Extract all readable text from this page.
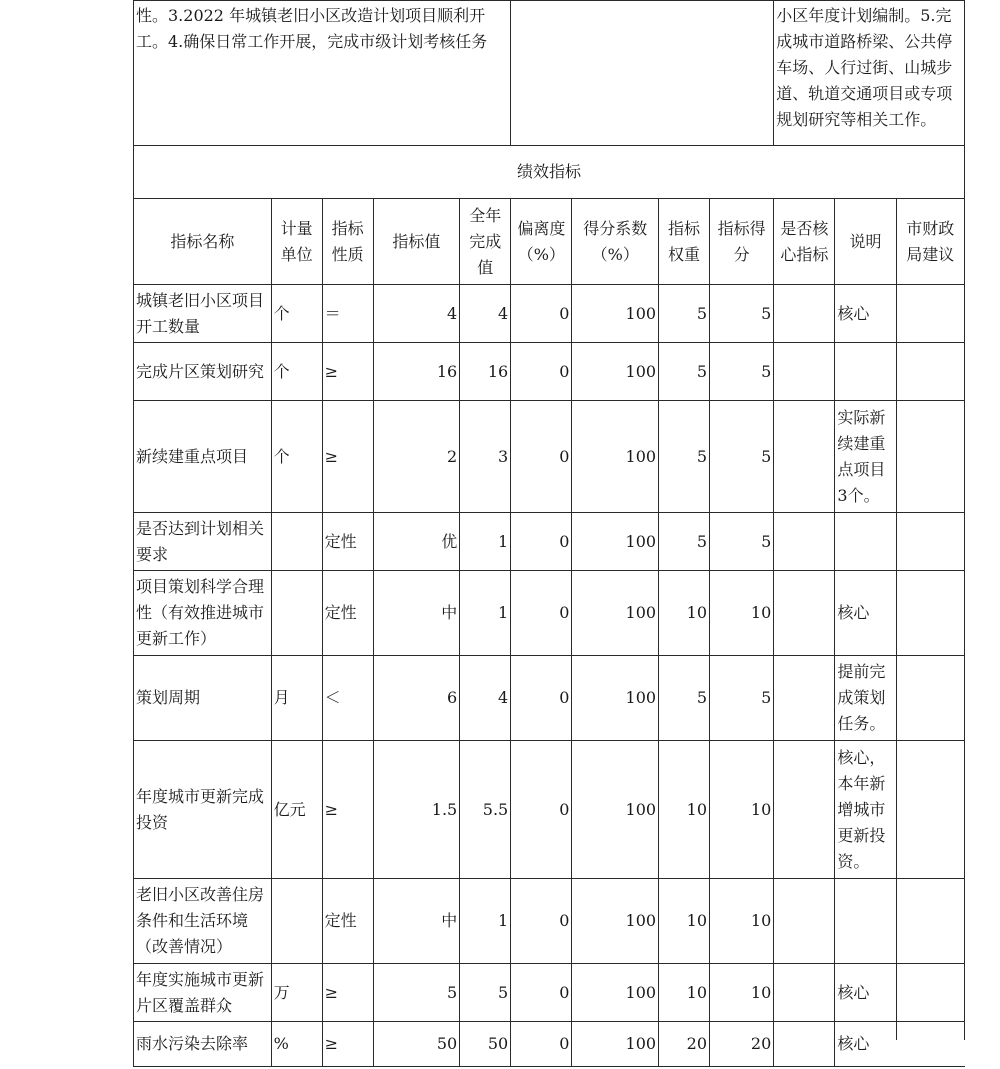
性。3.2022 年城镇老旧小区改造计划项目顺利开工。4.确保日常工作开展，完成市级计划考核任务									小区年度计划编制。5.完成城市道路桥梁、公共停车场、人行过街、山城步道、轨道交通项目或专项规划研究等相关工作。		
绩效指标											
指标名称	计量单位	指标性质	指标值	全年完成值	偏离度（%）	得分系数（%）	指标权重	指标得分	是否核心指标	说明	市财政局建议
城镇老旧小区项目开工数量	个	＝	4	4	0	100	5	5		核心	
完成片区策划研究	个	≥	16	16	0	100	5	5			
新续建重点项目	个	≥	2	3	0	100	5	5		实际新续建重点项目3个。	
是否达到计划相关要求		定性	优	1	0	100	5	5			
项目策划科学合理性（有效推进城市更新工作）		定性	中	1	0	100	10	10		核心	
策划周期	月	＜	6	4	0	100	5	5		提前完成策划任务。	
年度城市更新完成投资	亿元	≥	1.5	5.5	0	100	10	10		核心，本年新增城市更新投资。	
老旧小区改善住房条件和生活环境（改善情况）		定性	中	1	0	100	10	10			
年度实施城市更新片区覆盖群众	万	≥	5	5	0	100	10	10		核心	
雨水污染去除率	%	≥	50	50	0	100	20	20		核心	
